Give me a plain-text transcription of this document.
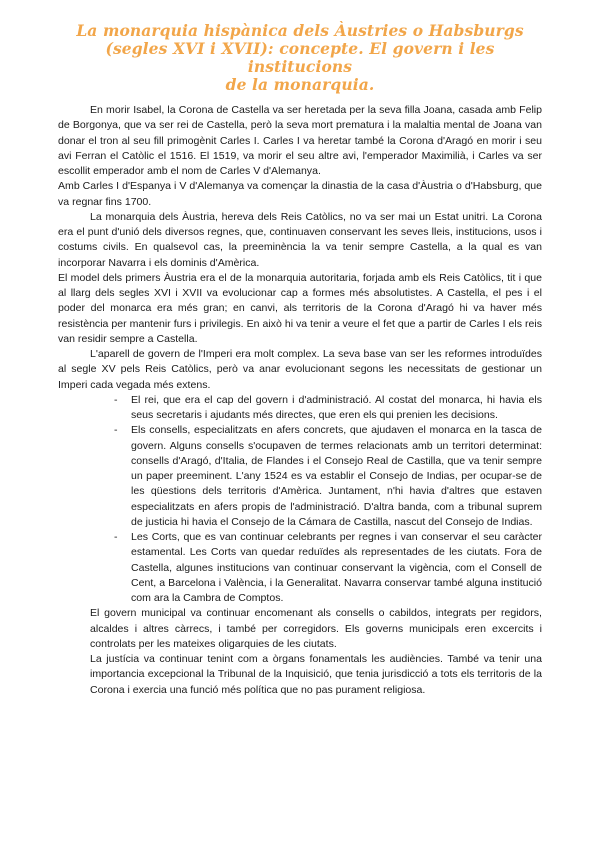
La monarquia hispànica dels Àustries o Habsburgs
(segles XVI i XVII): concepte. El govern i les institucions
de la monarquia.

En morir Isabel, la Corona de Castella va ser heretada per la seva filla Joana, casada amb Felip de Borgonya, que va ser rei de Castella, però la seva mort prematura i la malaltia mental de Joana van donar el tron al seu fill primogènit Carles I. Carles I va heretar també la Corona d'Aragó en morir i seu avi Ferran el Catòlic el 1516. El 1519, va morir el seu altre avi, l'emperador Maximilià, i Carles va ser escollit emperador amb el nom de Carles V d'Alemanya.

Amb Carles I d'Espanya i V d'Alemanya va començar la dinastia de la casa d'Àustria o d'Habsburg, que va regnar fins 1700.

La monarquia dels Àustria, hereva dels Reis Catòlics, no va ser mai un Estat unitri. La Corona era el punt d'unió dels diversos regnes, que, continuaven conservant les seves lleis, institucions, usos i costums civils. En qualsevol cas, la preeminència la va tenir sempre Castella, a la qual es van incorporar Navarra i els dominis d'Amèrica.

El model dels primers Àustria era el de la monarquia autoritaria, forjada amb els Reis Catòlics, tit i que al llarg dels segles XVI i XVII va evolucionar cap a formes més absolutistes. A Castella, el pes i el poder del monarca era més gran; en canvi, als territoris de la Corona d'Aragó hi va haver més resistència per mantenir furs i privilegis. En això hi va tenir a veure el fet que a partir de Carles I els reis van residir sempre a Castella.

L'aparell de govern de l'Imperi era molt complex. La seva base van ser les reformes introduïdes al segle XV pels Reis Catòlics, però va anar evolucionant segons les necessitats de gestionar un Imperi cada vegada més extens.

- El rei, que era el cap del govern i d'administració. Al costat del monarca, hi havia els seus secretaris i ajudants més directes, que eren els qui prenien les decisions.
- Els consells, especialitzats en afers concrets, que ajudaven el monarca en la tasca de govern. Alguns consells s'ocupaven de termes relacionats amb un territori determinat: consells d'Aragó, d'Italia, de Flandes i el Consejo Real de Castilla, que va tenir sempre un paper preeminent. L'any 1524 es va establir el Consejo de Indias, per ocupar-se de les qüestions dels territoris d'Amèrica. Juntament, n'hi havia d'altres que estaven especialitzats en afers propis de l'administració. D'altra banda, com a tribunal suprem de justicia hi havia el Consejo de la Cámara de Castilla, nascut del Consejo de Indias.
- Les Corts, que es van continuar celebrants per regnes i van conservar el seu caràcter estamental. Les Corts van quedar reduïdes als representades de les ciutats. Fora de Castella, algunes institucions van continuar conservant la vigència, com el Consell de Cent, a Barcelona i València, i la Generalitat. Navarra conservar també alguna institució com ara la Cambra de Comptos.

El govern municipal va continuar encomenant als consells o cabildos, integrats per regidors, alcaldes i altres càrrecs, i també per corregidors. Els governs municipals eren excercits i controlats per les mateixes oligarquies de les ciutats.

La justícia va continuar tenint com a òrgans fonamentals les audiències. També va tenir una importancia excepcional la Tribunal de la Inquisició, que tenia jurisdicció a tots els territoris de la Corona i exercia una funció més política que no pas purament religiosa.
